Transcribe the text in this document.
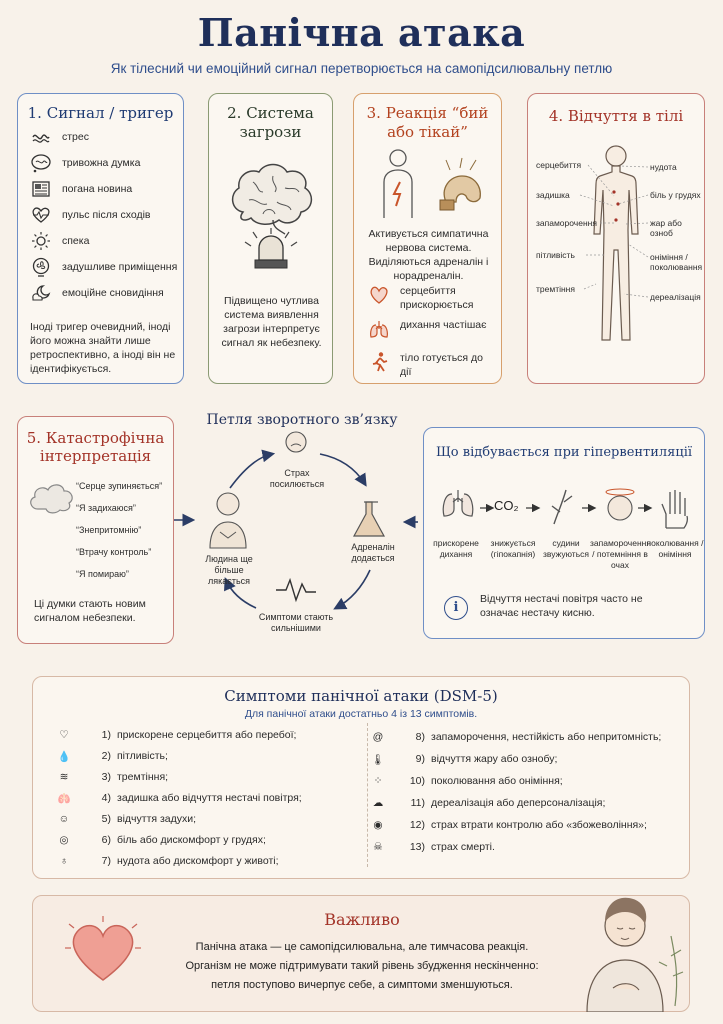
Панічна атака
Як тілесний чи емоційний сигнал перетворюється на самопідсилювальну петлю
1. Сигнал / тригер
стрес
тривожна думка
погана новина
пульс після сходів
спека
задушливе приміщення
емоційне сновидіння
Іноді тригер очевидний, іноді його можна знайти лише ретроспективно, а іноді він не ідентифікується.
2. Система
загрози
Підвищено чутлива система виявлення загрози інтерпретує сигнал як небезпеку.
3. Реакція “бий
або тікай”
Активується симпатична нервова система. Виділяються адреналін і норадреналін.
серцебиття прискорюється
дихання частішає
тіло готується до дії
4. Відчуття в тілі
серцебиття
задишка
запаморочення
пітливість
тремтіння
нудота
біль у грудях
жар або озноб
оніміння / поколювання
дереалізація
5. Катастрофічна
інтерпретація
“Серце зупиняється”
“Я задихаюся”
“Знепритомнію”
“Втрачу контроль”
“Я помираю”
Ці думки стають новим сигналом небезпеки.
Петля зворотного зв’язку
Страх посилюється
Адреналін додається
Симптоми стають сильнішими
Людина ще більше лякається
Що відбувається при гіпервентиляції
CO₂
прискорене дихання
знижується (гіпокапнія)
судини звужуються
запаморочення / потемніння в очах
поколювання / оніміння
i
Відчуття нестачі повітря часто не означає нестачу кисню.
Симптоми панічної атаки (DSM-5)
Для панічної атаки достатньо 4 із 13 симптомів.
♡	1) прискорене серцебиття або перебої;
💧	2) пітливість;
≋	3) тремтіння;
🫁	4) задишка або відчуття нестачі повітря;
☺	5) відчуття задухи;
◎	6) біль або дискомфорт у грудях;
♁	7) нудота або дискомфорт у животі;
@	8) запаморочення, нестійкість або непритомність;
🌡	9) відчуття жару або ознобу;
⁘	10) поколювання або оніміння;
☁	11) дереалізація або деперсоналізація;
◉	12) страх втрати контролю або «збожевоління»;
☠	13) страх смерті.
Важливо
Панічна атака — це самопідсилювальна, але тимчасова реакція.
Організм не може підтримувати такий рівень збудження нескінченно:
петля поступово вичерпує себе, а симптоми зменшуються.
